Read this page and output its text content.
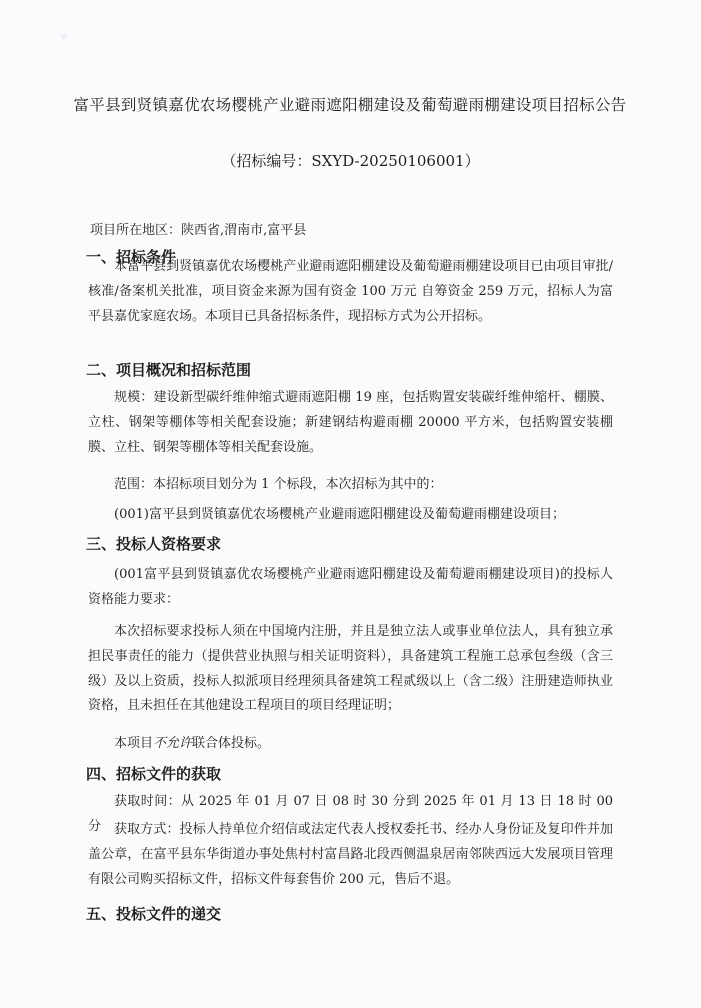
✕
富平县到贤镇嘉优农场樱桃产业避雨遮阳棚建设及葡萄避雨棚建设项目招标公告
（招标编号：SXYD-20250106001）
项目所在地区：陕西省,渭南市,富平县
一、招标条件
本富平县到贤镇嘉优农场樱桃产业避雨遮阳棚建设及葡萄避雨棚建设项目已由项目审批/核准/备案机关批准，项目资金来源为国有资金 100 万元 自筹资金 259 万元，招标人为富平县嘉优家庭农场。本项目已具备招标条件，现招标方式为公开招标。
二、项目概况和招标范围
规模：建设新型碳纤维伸缩式避雨遮阳棚 19 座，包括购置安装碳纤维伸缩杆、棚膜、立柱、钢架等棚体等相关配套设施；新建钢结构避雨棚 20000 平方米，包括购置安装棚膜、立柱、钢架等棚体等相关配套设施。
范围：本招标项目划分为 1 个标段，本次招标为其中的：
(001)富平县到贤镇嘉优农场樱桃产业避雨遮阳棚建设及葡萄避雨棚建设项目；
三、投标人资格要求
(001富平县到贤镇嘉优农场樱桃产业避雨遮阳棚建设及葡萄避雨棚建设项目)的投标人资格能力要求：
本次招标要求投标人须在中国境内注册，并且是独立法人或事业单位法人，具有独立承担民事责任的能力（提供营业执照与相关证明资料），具备建筑工程施工总承包叁级（含三级）及以上资质，投标人拟派项目经理须具备建筑工程贰级以上（含二级）注册建造师执业资格，且未担任在其他建设工程项目的项目经理证明；
本项目不允许联合体投标。
四、招标文件的获取
获取时间：从 2025 年 01 月 07 日 08 时 30 分到 2025 年 01 月 13 日 18 时 00 分 获取方式：投标人持单位介绍信或法定代表人授权委托书、经办人身份证及复印件并加盖公章，在富平县东华街道办事处焦村村富昌路北段西侧温泉居南邻陕西远大发展项目管理有限公司购买招标文件，招标文件每套售价 200 元，售后不退。
五、投标文件的递交
